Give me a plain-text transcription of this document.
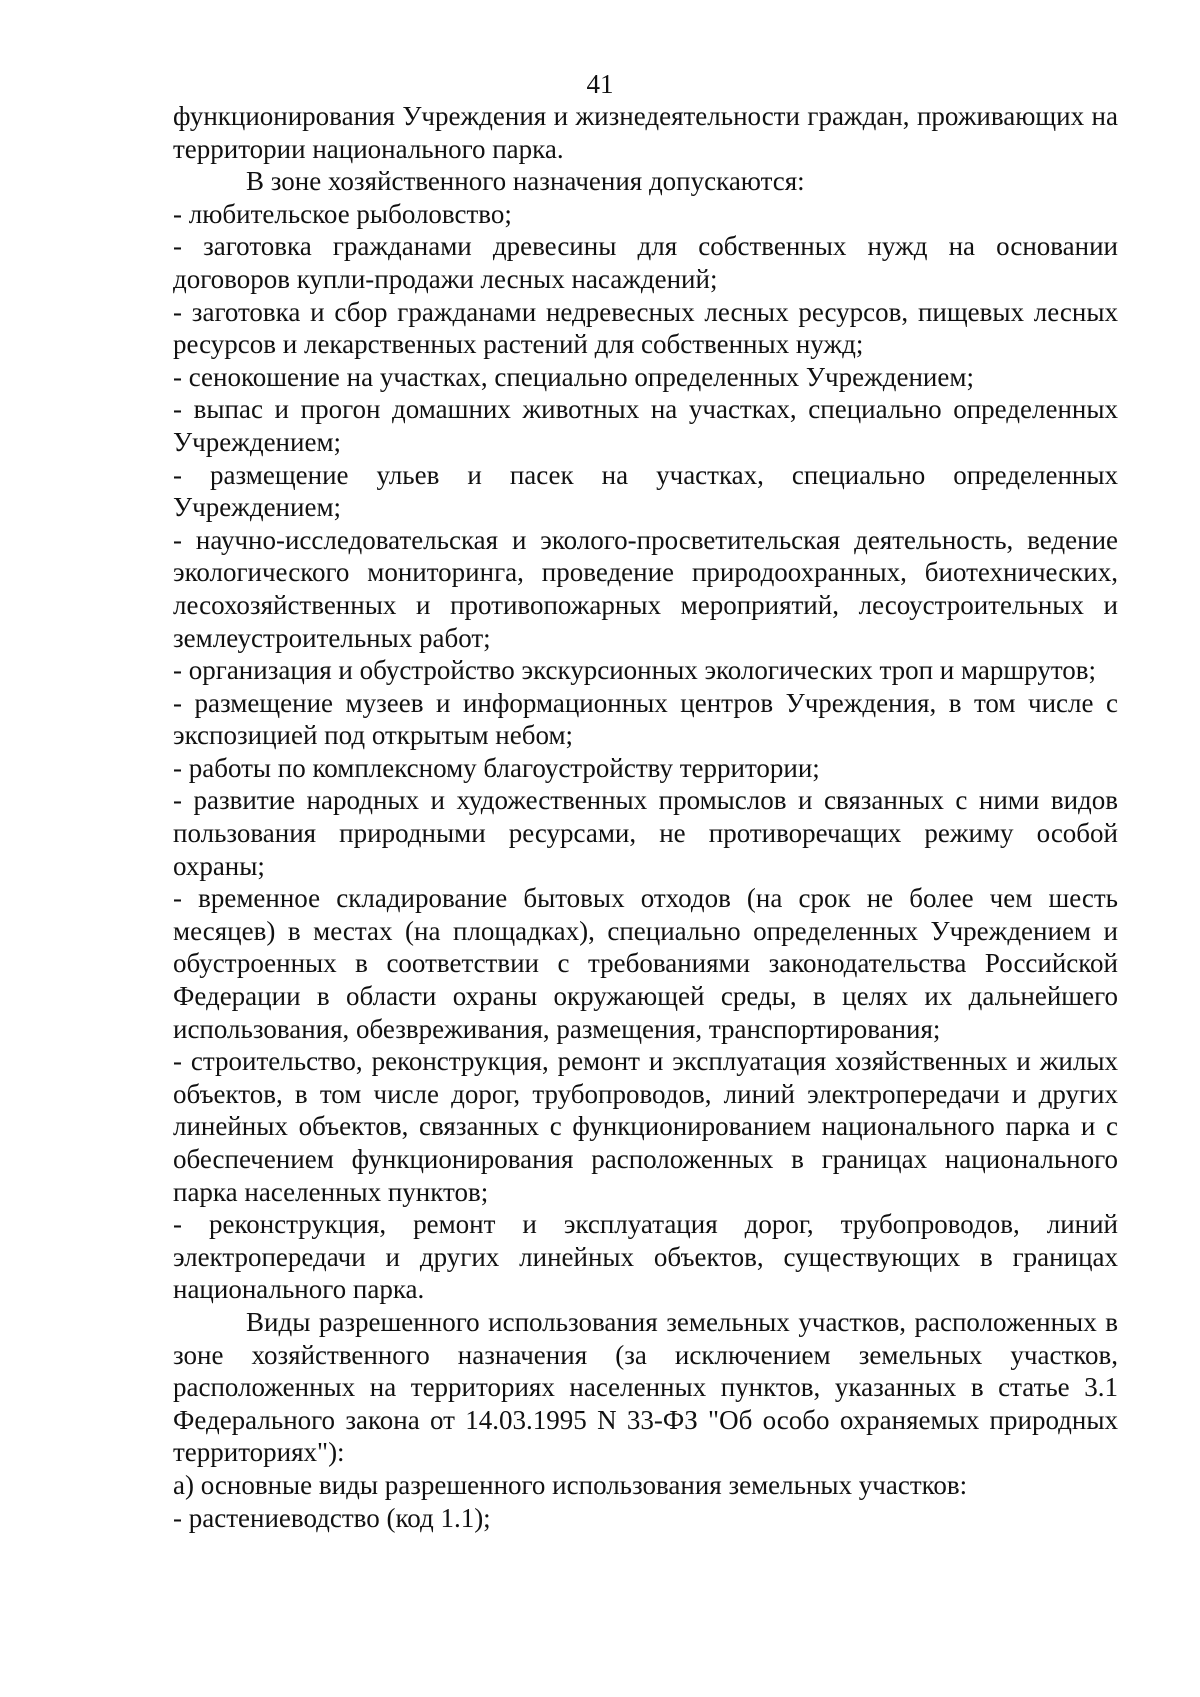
41

функционирования Учреждения и жизнедеятельности граждан, проживающих на территории национального парка.

В зоне хозяйственного назначения допускаются:

- любительское рыболовство;

- заготовка гражданами древесины для собственных нужд на основании договоров купли-продажи лесных насаждений;

- заготовка и сбор гражданами недревесных лесных ресурсов, пищевых лесных ресурсов и лекарственных растений для собственных нужд;

- сенокошение на участках, специально определенных Учреждением;

- выпас и прогон домашних животных на участках, специально определенных Учреждением;

- размещение ульев и пасек на участках, специально определенных Учреждением;

- научно-исследовательская и эколого-просветительская деятельность, ведение экологического мониторинга, проведение природоохранных, биотехнических, лесохозяйственных и противопожарных мероприятий, лесоустроительных и землеустроительных работ;

- организация и обустройство экскурсионных экологических троп и маршрутов;

- размещение музеев и информационных центров Учреждения, в том числе с экспозицией под открытым небом;

- работы по комплексному благоустройству территории;

- развитие народных и художественных промыслов и связанных с ними видов пользования природными ресурсами, не противоречащих режиму особой охраны;

- временное складирование бытовых отходов (на срок не более чем шесть месяцев) в местах (на площадках), специально определенных Учреждением и обустроенных в соответствии с требованиями законодательства Российской Федерации в области охраны окружающей среды, в целях их дальнейшего использования, обезвреживания, размещения, транспортирования;

- строительство, реконструкция, ремонт и эксплуатация хозяйственных и жилых объектов, в том числе дорог, трубопроводов, линий электропередачи и других линейных объектов, связанных с функционированием национального парка и с обеспечением функционирования расположенных в границах национального парка населенных пунктов;

- реконструкция, ремонт и эксплуатация дорог, трубопроводов, линий электропередачи и других линейных объектов, существующих в границах национального парка.

Виды разрешенного использования земельных участков, расположенных в зоне хозяйственного назначения (за исключением земельных участков, расположенных на территориях населенных пунктов, указанных в статье 3.1 Федерального закона от 14.03.1995 N 33-ФЗ "Об особо охраняемых природных территориях"):

а) основные виды разрешенного использования земельных участков:

- растениеводство (код 1.1);
